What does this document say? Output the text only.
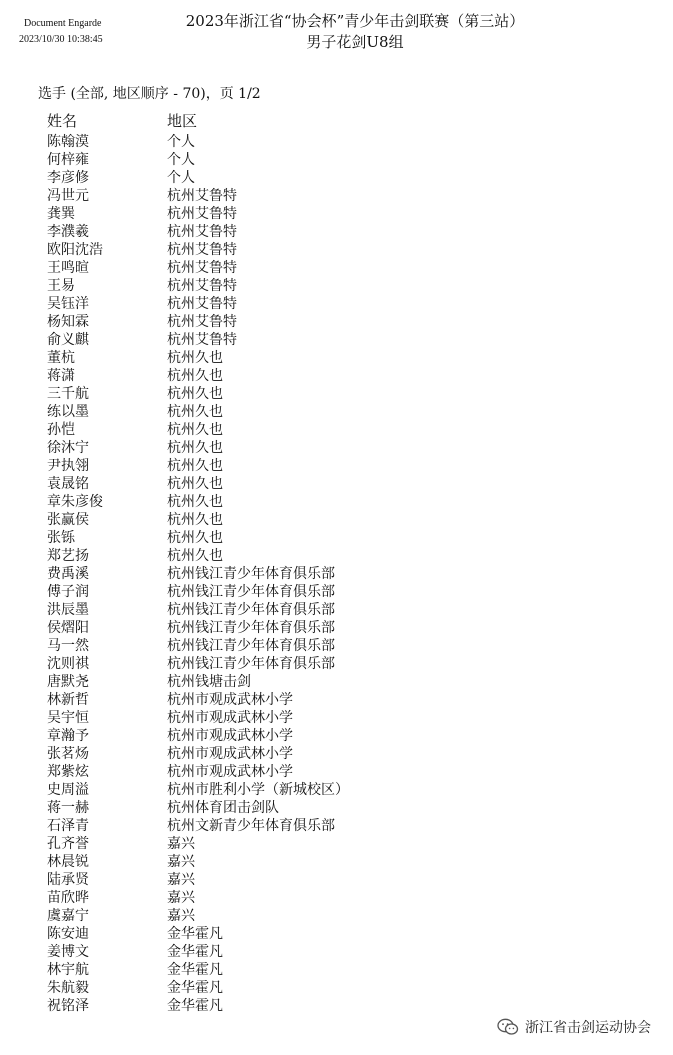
Document Engarde
2023/10/30 10:38:45
2023年浙江省“协会杯”青少年击剑联赛（第三站）
男子花剑U8组
选手 (全部, 地区顺序 - 70)，页 1/2
姓名	地区
陈翰漠	个人
何梓雍	个人
李彦修	个人
冯世元	杭州艾鲁特
龚巽	杭州艾鲁特
李濮羲	杭州艾鲁特
欧阳沈浩	杭州艾鲁特
王鸣暄	杭州艾鲁特
王易	杭州艾鲁特
吴钰洋	杭州艾鲁特
杨知霖	杭州艾鲁特
俞义麒	杭州艾鲁特
董杭	杭州久也
蒋潇	杭州久也
三千航	杭州久也
练以墨	杭州久也
孙恺	杭州久也
徐沐宁	杭州久也
尹执翎	杭州久也
袁晟铭	杭州久也
章朱彦俊	杭州久也
张赢侯	杭州久也
张铄	杭州久也
郑艺扬	杭州久也
费禹溪	杭州钱江青少年体育俱乐部
傅子润	杭州钱江青少年体育俱乐部
洪辰墨	杭州钱江青少年体育俱乐部
侯熠阳	杭州钱江青少年体育俱乐部
马一然	杭州钱江青少年体育俱乐部
沈则祺	杭州钱江青少年体育俱乐部
唐默尧	杭州钱塘击剑
林新哲	杭州市观成武林小学
吴宇恒	杭州市观成武林小学
章瀚予	杭州市观成武林小学
张茗炀	杭州市观成武林小学
郑紫炫	杭州市观成武林小学
史周溢	杭州市胜利小学（新城校区）
蒋一赫	杭州体育团击剑队
石泽青	杭州文新青少年体育俱乐部
孔齐誉	嘉兴
林晨锐	嘉兴
陆承贤	嘉兴
苗欣晔	嘉兴
虞嘉宁	嘉兴
陈安迪	金华霍凡
姜博文	金华霍凡
林宇航	金华霍凡
朱航毅	金华霍凡
祝铭泽	金华霍凡
浙江省击剑运动协会
